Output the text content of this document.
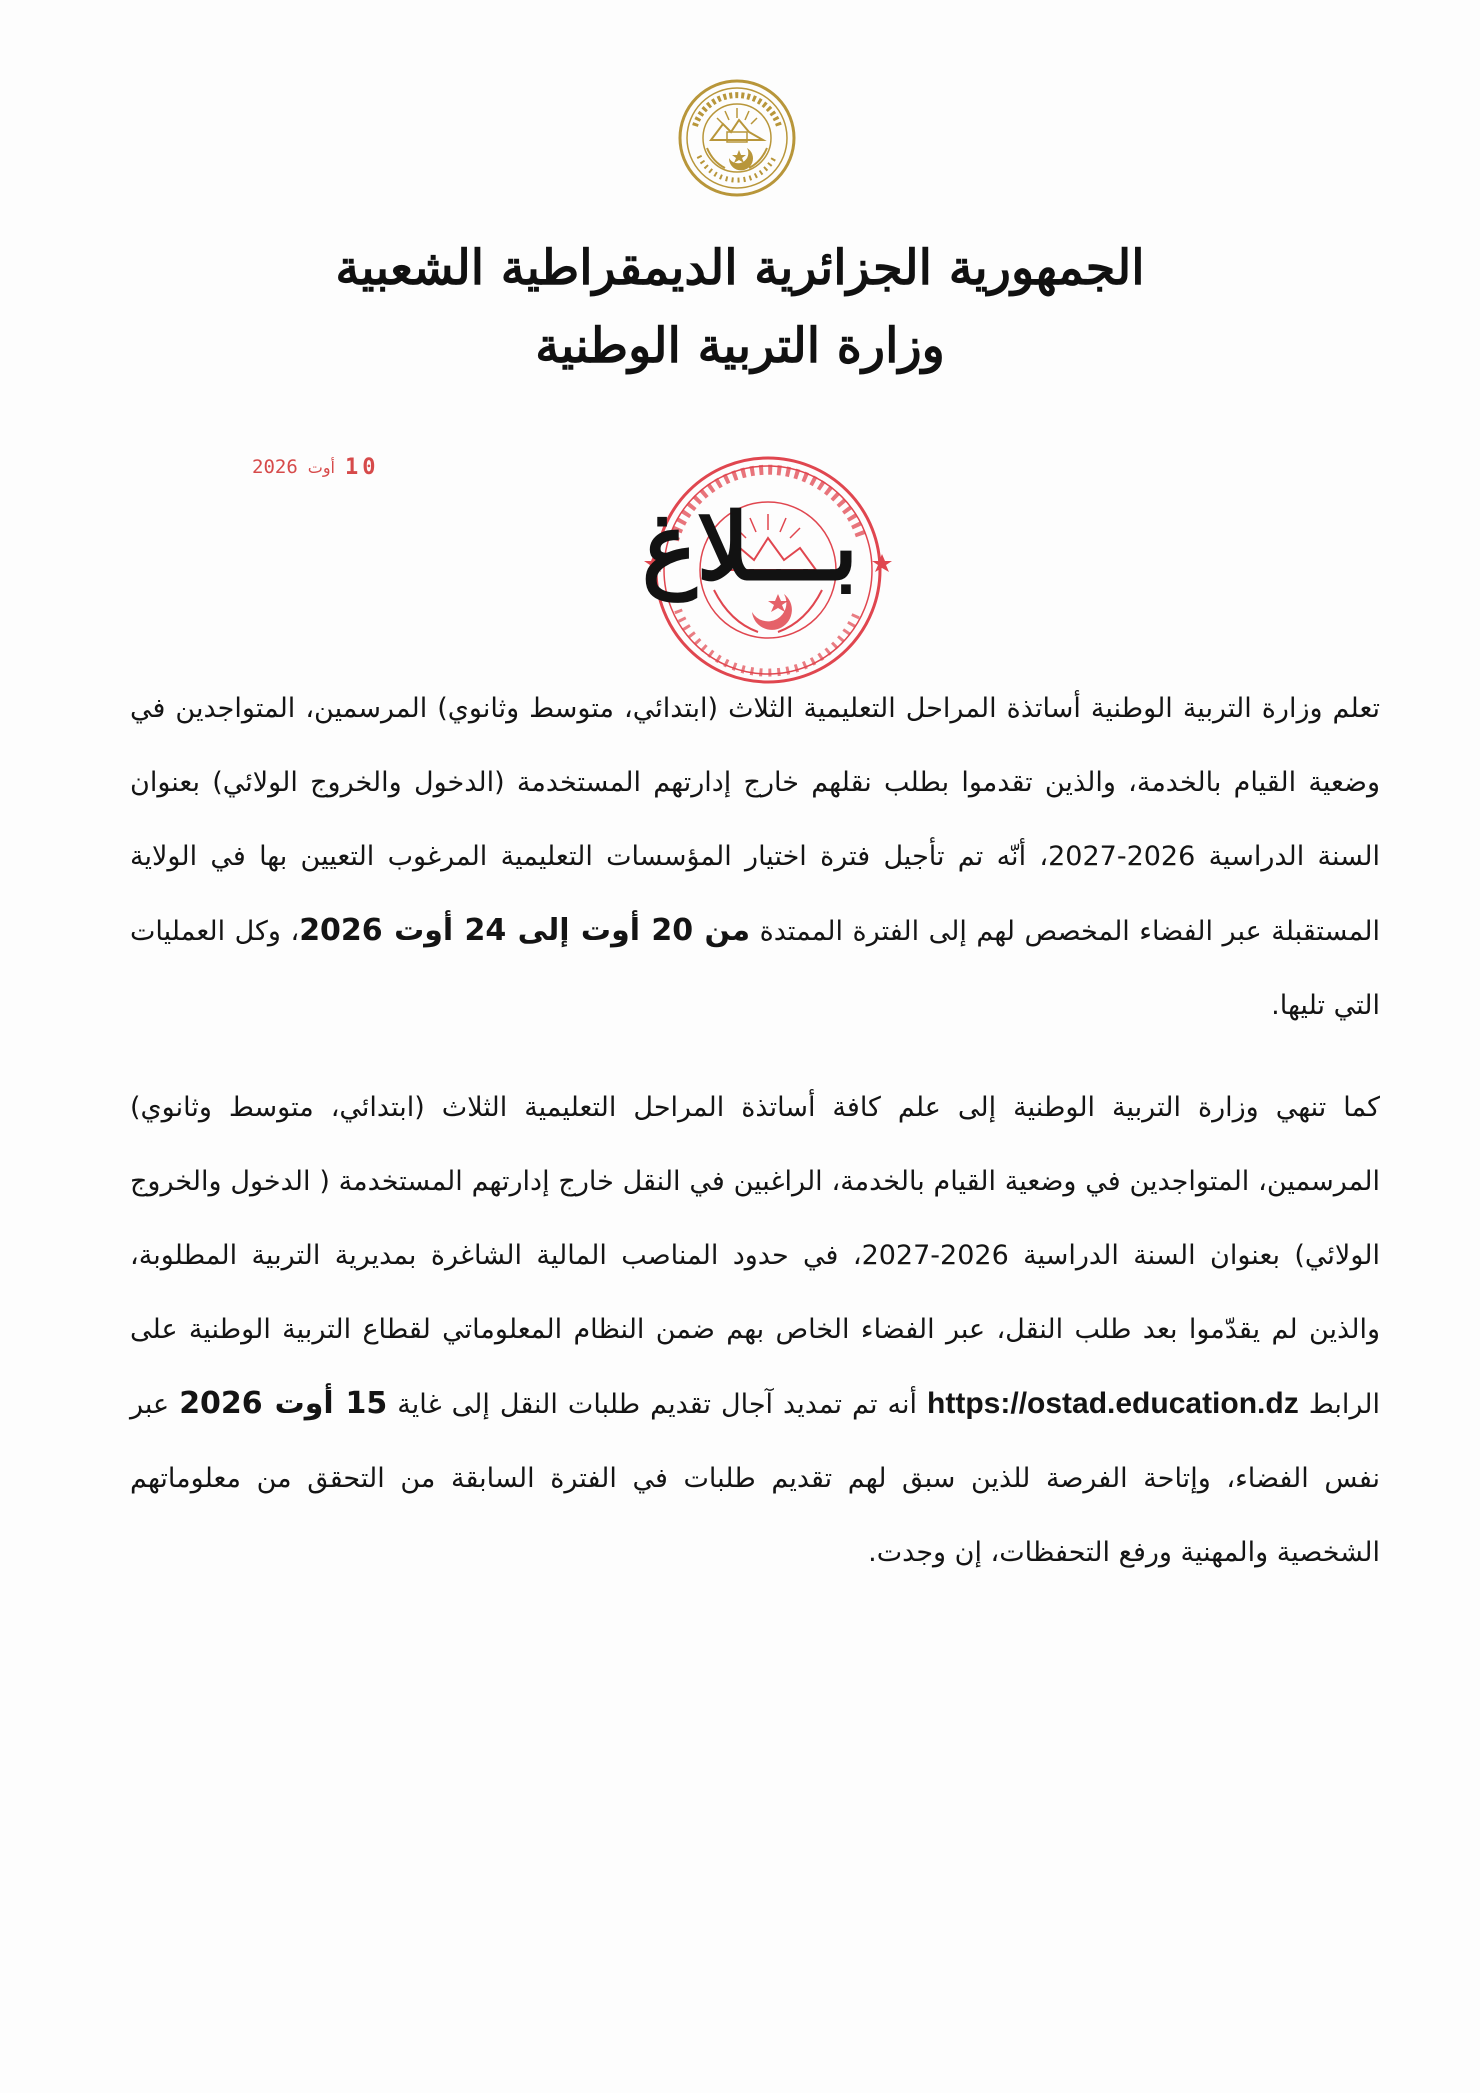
الجمهورية الجزائرية الديمقراطية الشعبية
وزارة التربية الوطنية
2026 أوت 10
بـــلاغ
تعلم وزارة التربية الوطنية أساتذة المراحل التعليمية الثلاث (ابتدائي، متوسط وثانوي) المرسمين، المتواجدين في وضعية القيام بالخدمة، والذين تقدموا بطلب نقلهم خارج إدارتهم المستخدمة (الدخول والخروج الولائي) بعنوان السنة الدراسية 2026-2027، أنّه تم تأجيل فترة اختيار المؤسسات التعليمية المرغوب التعيين بها في الولاية المستقبلة عبر الفضاء المخصص لهم إلى الفترة الممتدة من 20 أوت إلى 24 أوت 2026، وكل العمليات التي تليها.
كما تنهي وزارة التربية الوطنية إلى علم كافة أساتذة المراحل التعليمية الثلاث (ابتدائي، متوسط وثانوي) المرسمين، المتواجدين في وضعية القيام بالخدمة، الراغبين في النقل خارج إدارتهم المستخدمة ( الدخول والخروج الولائي) بعنوان السنة الدراسية 2026-2027، في حدود المناصب المالية الشاغرة بمديرية التربية المطلوبة، والذين لم يقدّموا بعد طلب النقل، عبر الفضاء الخاص بهم ضمن النظام المعلوماتي لقطاع التربية الوطنية على الرابط https://ostad.education.dz أنه تم تمديد آجال تقديم طلبات النقل إلى غاية 15 أوت 2026 عبر نفس الفضاء، وإتاحة الفرصة للذين سبق لهم تقديم طلبات في الفترة السابقة من التحقق من معلوماتهم الشخصية والمهنية ورفع التحفظات، إن وجدت.
